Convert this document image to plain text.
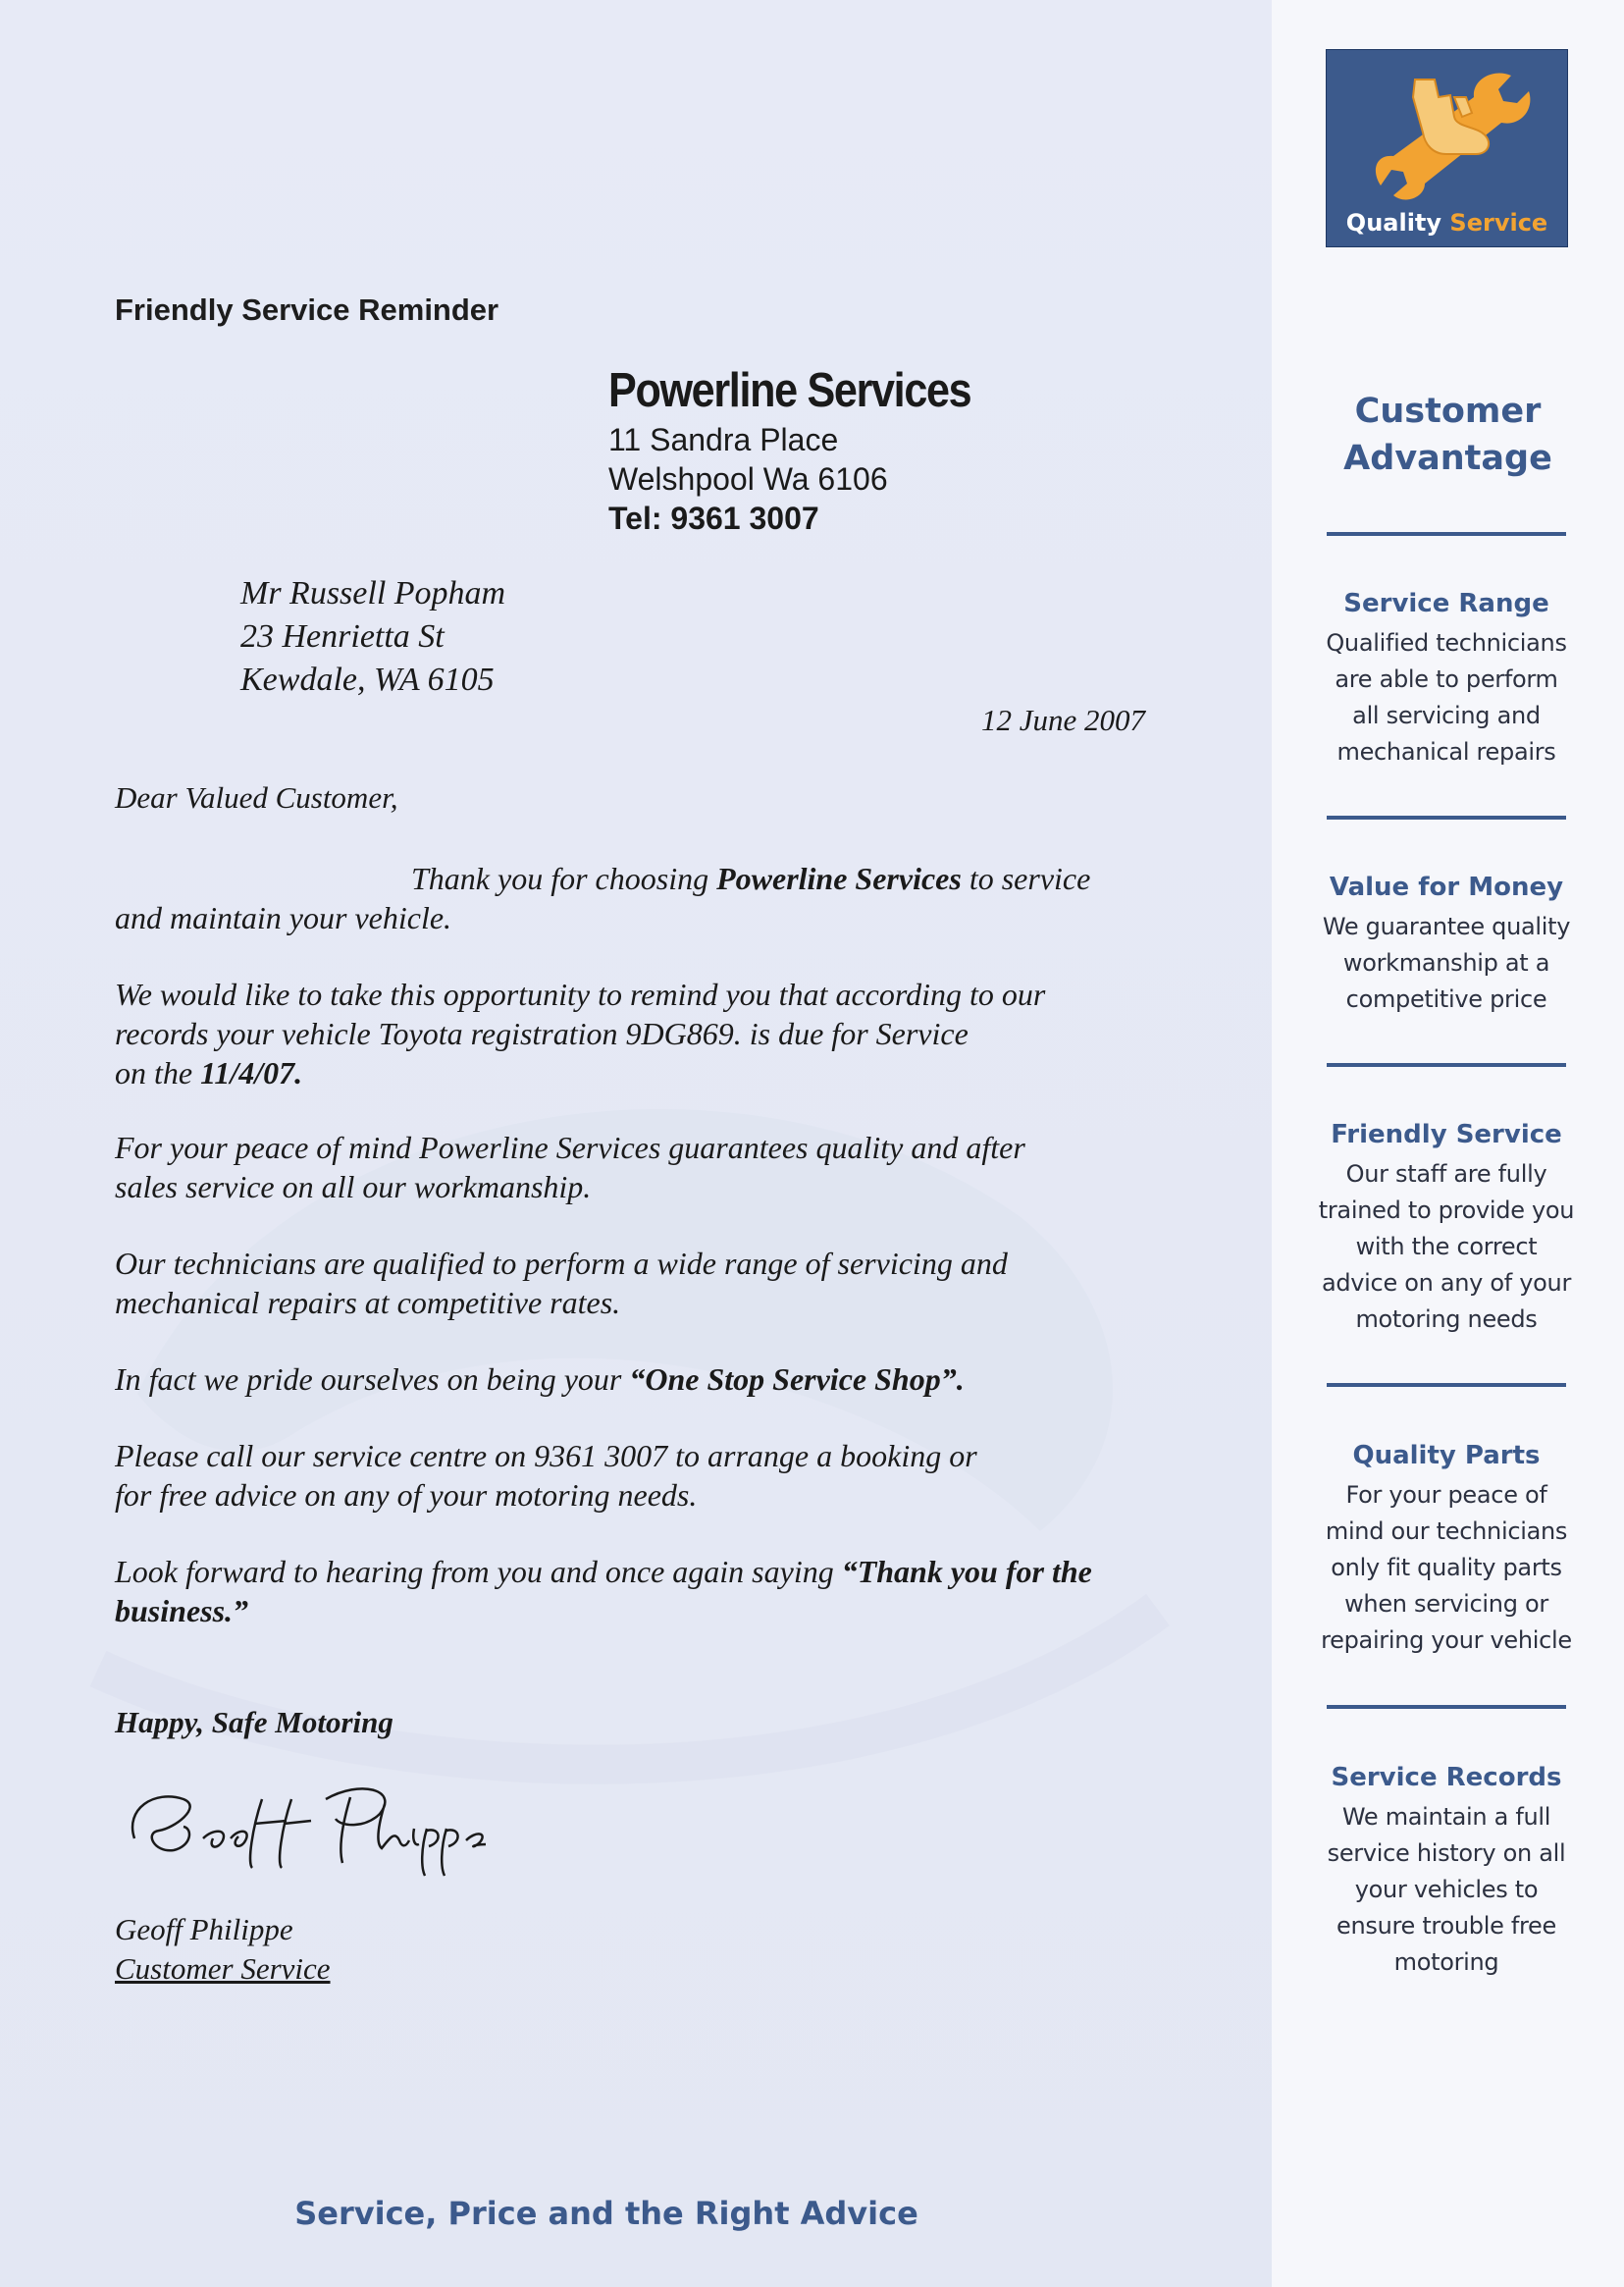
Friendly Service Reminder
Powerline Services
11 Sandra Place
Welshpool Wa 6106
Tel: 9361 3007
Mr Russell Popham
23 Henrietta St
Kewdale, WA 6105
12 June 2007
Dear Valued Customer,
Thank you for choosing Powerline Services to service
and maintain your vehicle.
We would like to take this opportunity to remind you that according to our
records your vehicle Toyota registration 9DG869. is due for Service
on the 11/4/07.
For your peace of mind Powerline Services guarantees quality and after
sales service on all our workmanship.
Our technicians are qualified to perform a wide range of servicing and
mechanical repairs at competitive rates.
In fact we pride ourselves on being your “One Stop Service Shop”.
Please call our service centre on 9361 3007 to arrange a booking or
for free advice on any of your motoring needs.
Look forward to hearing from you and once again saying “Thank you for the
business.”
Happy, Safe Motoring
Geoff Philippe
Customer Service
Service, Price and the Right Advice
Quality Service
Customer
Advantage
Service Range

Qualified technicians

are able to perform

all servicing and

mechanical repairs

Value for Money

We guarantee quality

workmanship at a

competitive price

Friendly Service

Our staff are fully

trained to provide you

with the correct

advice on any of your

motoring needs

Quality Parts

For your peace of

mind our technicians

only fit quality parts

when servicing or

repairing your vehicle

Service Records

We maintain a full

service history on all

your vehicles to

ensure trouble free

motoring
